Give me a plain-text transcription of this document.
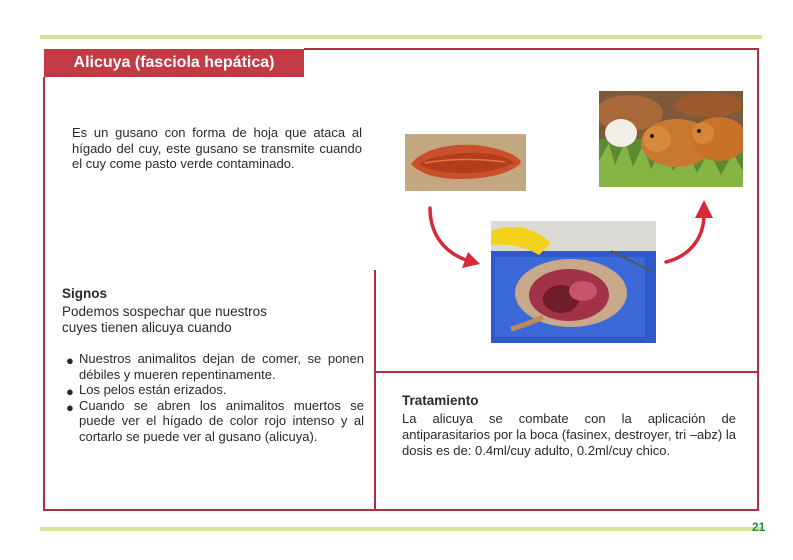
21
Alicuya (fasciola hepática)
Es un gusano con forma de hoja que ataca al hígado del cuy, este gusano se transmite cuando el cuy come pasto verde contaminado.
Signos
Podemos sospechar que nuestros
cuyes tienen alicuya cuando
● Nuestros animalitos dejan de comer, se ponen débiles y mueren repentinamente.
● Los pelos están erizados.
● Cuando se abren los animalitos muertos se puede ver el hígado de color rojo intenso y al cortarlo se puede ver al gusano (alicuya).
Tratamiento
La alicuya se combate con la aplicación de antiparasitarios por la boca (fasinex, destroyer, tri –abz) la dosis es de: 0.4ml/cuy adulto, 0.2ml/cuy chico.
